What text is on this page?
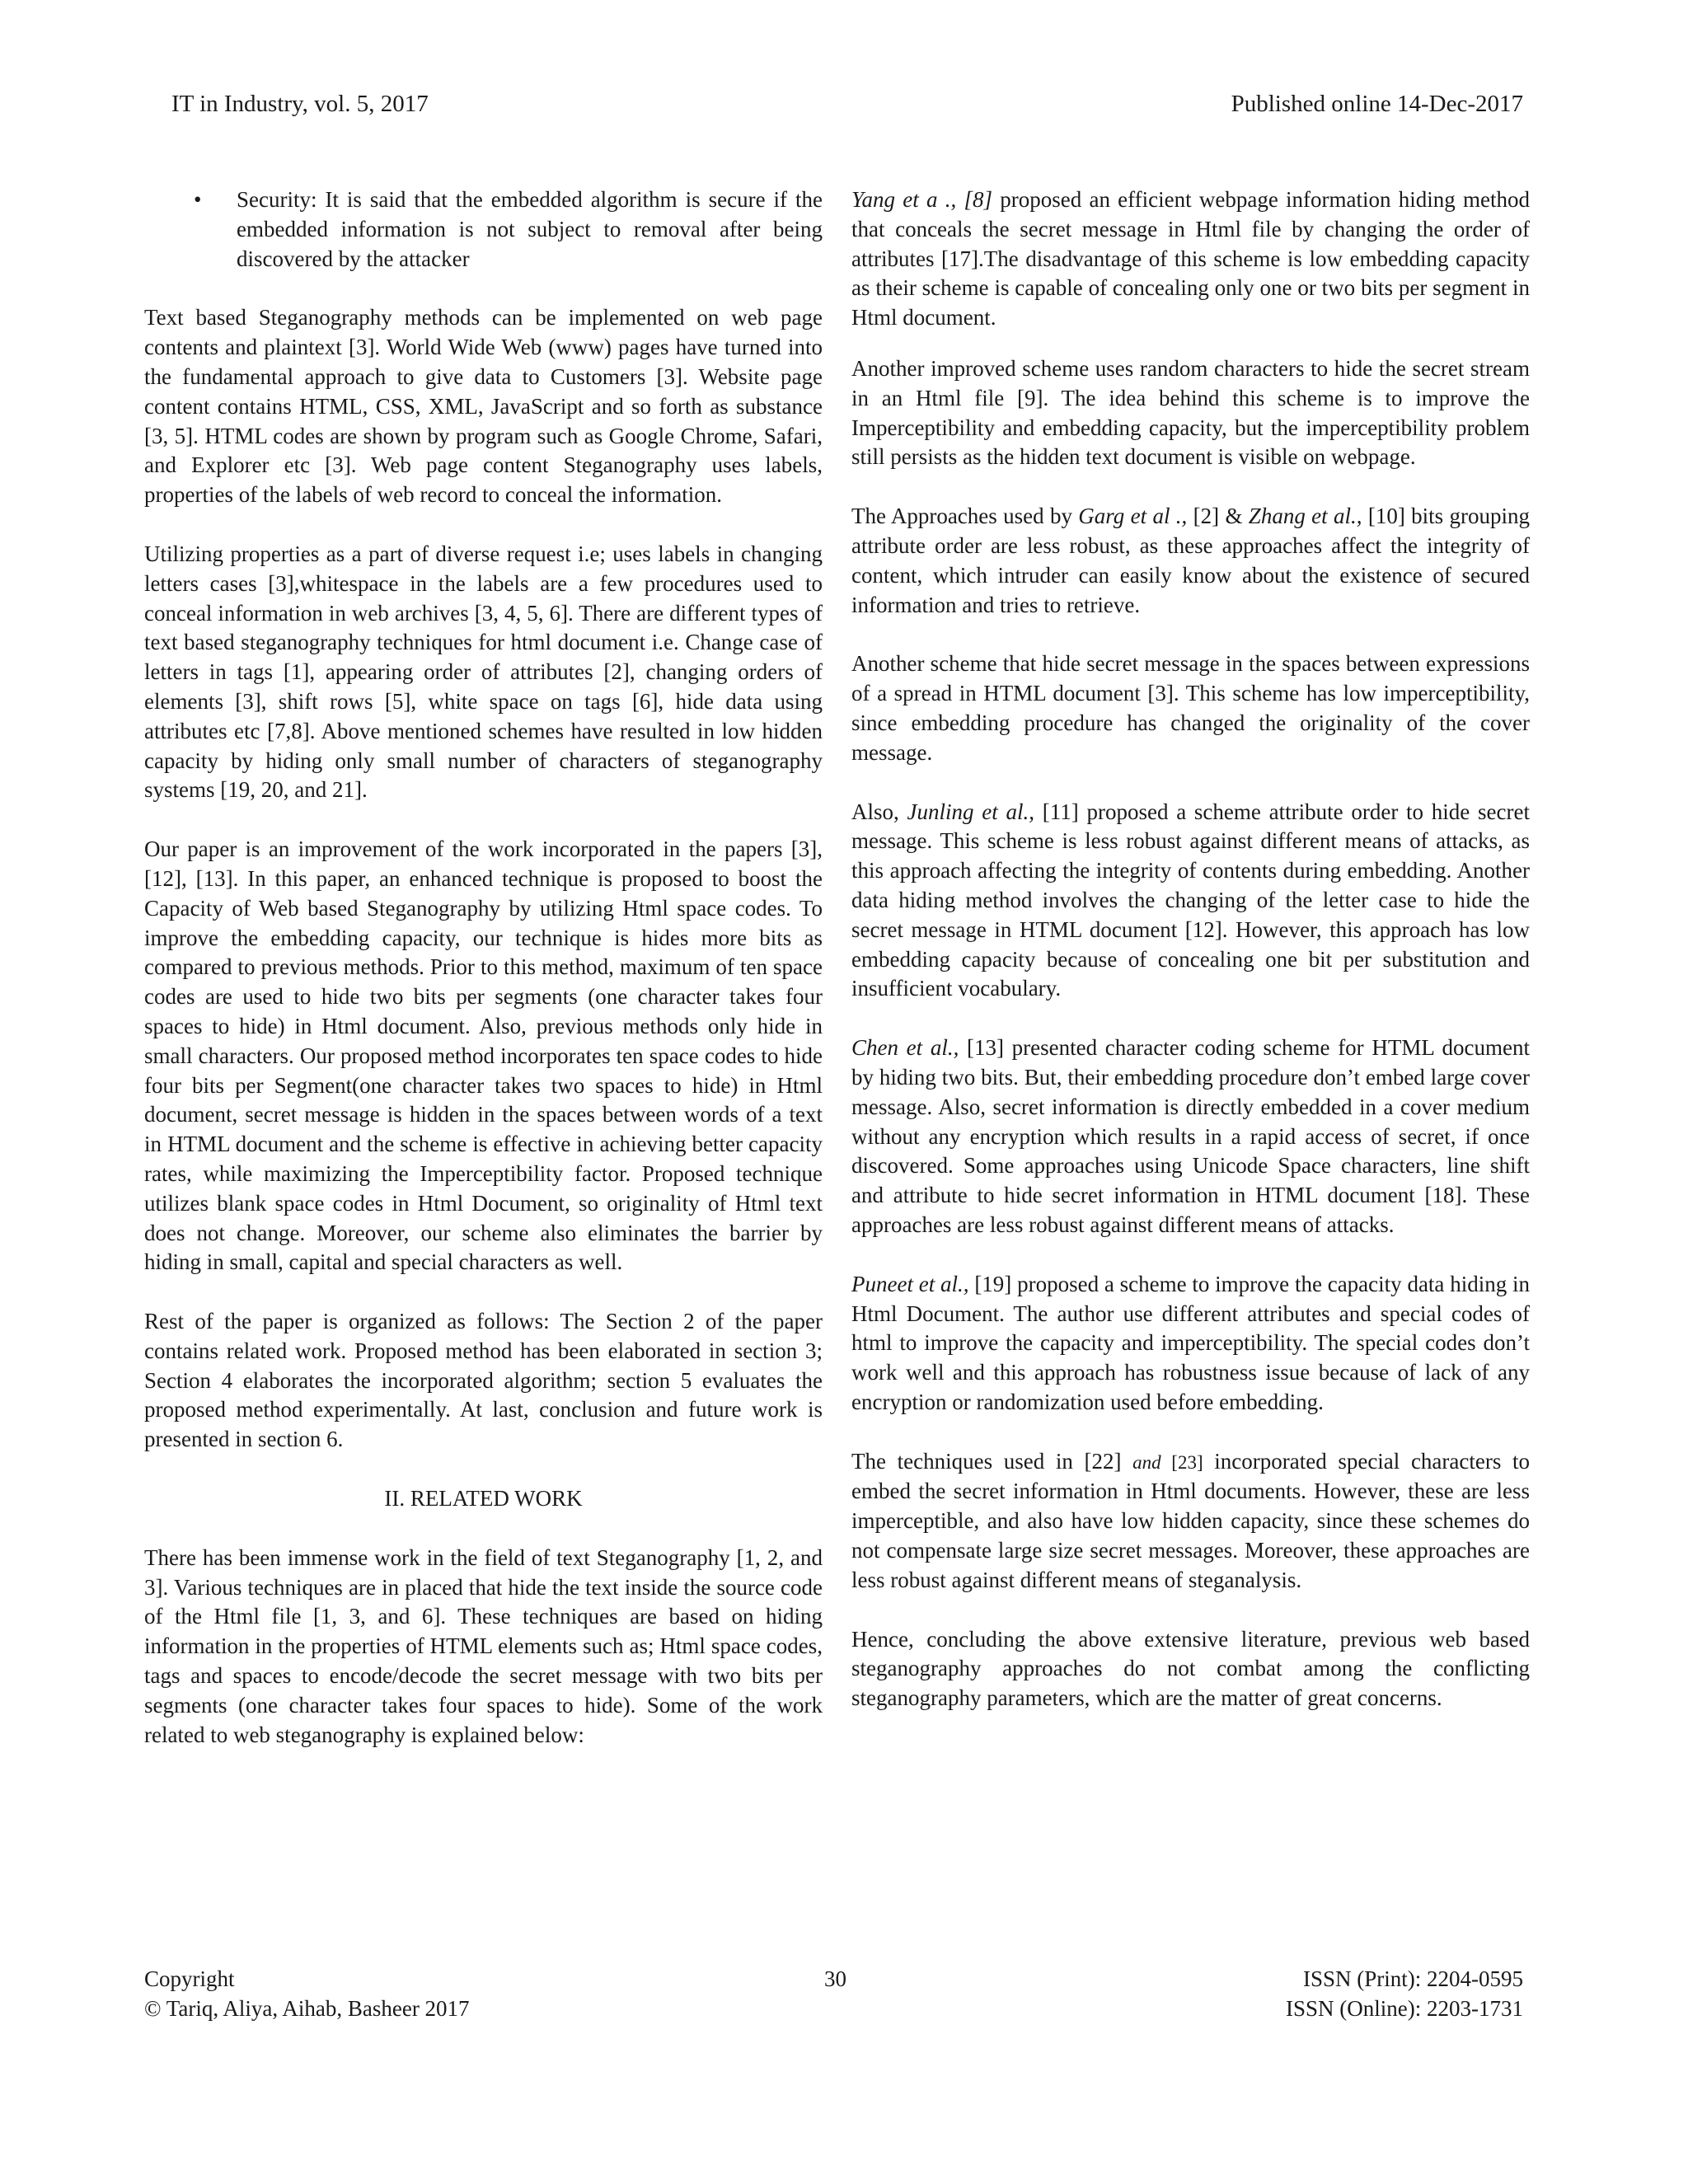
IT in Industry, vol. 5, 2017	Published online 14-Dec-2017
• Security: It is said that the embedded algorithm is secure if the embedded information is not subject to removal after being discovered by the attacker

Text based Steganography methods can be implemented on web page contents and plaintext [3]. World Wide Web (www) pages have turned into the fundamental approach to give data to Customers [3]. Website page content contains HTML, CSS, XML, JavaScript and so forth as substance [3, 5]. HTML codes are shown by program such as Google Chrome, Safari, and Explorer etc [3]. Web page content Steganography uses labels, properties of the labels of web record to conceal the information.

Utilizing properties as a part of diverse request i.e; uses labels in changing letters cases [3],whitespace in the labels are a few procedures used to conceal information in web archives [3, 4, 5, 6]. There are different types of text based steganography techniques for html document i.e. Change case of letters in tags [1], appearing order of attributes [2], changing orders of elements [3], shift rows [5], white space on tags [6], hide data using attributes etc [7,8]. Above mentioned schemes have resulted in low hidden capacity by hiding only small number of characters of steganography systems [19, 20, and 21].

Our paper is an improvement of the work incorporated in the papers [3], [12], [13]. In this paper, an enhanced technique is proposed to boost the Capacity of Web based Steganography by utilizing Html space codes. To improve the embedding capacity, our technique is hides more bits as compared to previous methods. Prior to this method, maximum of ten space codes are used to hide two bits per segments (one character takes four spaces to hide) in Html document. Also, previous methods only hide in small characters. Our proposed method incorporates ten space codes to hide four bits per Segment(one character takes two spaces to hide) in Html document, secret message is hidden in the spaces between words of a text in HTML document and the scheme is effective in achieving better capacity rates, while maximizing the Imperceptibility factor. Proposed technique utilizes blank space codes in Html Document, so originality of Html text does not change. Moreover, our scheme also eliminates the barrier by hiding in small, capital and special characters as well.

Rest of the paper is organized as follows: The Section 2 of the paper contains related work. Proposed method has been elaborated in section 3; Section 4 elaborates the incorporated algorithm; section 5 evaluates the proposed method experimentally. At last, conclusion and future work is presented in section 6.

II. RELATED WORK

There has been immense work in the field of text Steganography [1, 2, and 3]. Various techniques are in placed that hide the text inside the source code of the Html file [1, 3, and 6]. These techniques are based on hiding information in the properties of HTML elements such as; Html space codes, tags and spaces to encode/decode the secret message with two bits per segments (one character takes four spaces to hide). Some of the work related to web steganography is explained below:

Yang et a ., [8] proposed an efficient webpage information hiding method that conceals the secret message in Html file by changing the order of attributes [17].The disadvantage of this scheme is low embedding capacity as their scheme is capable of concealing only one or two bits per segment in Html document.

Another improved scheme uses random characters to hide the secret stream in an Html file [9]. The idea behind this scheme is to improve the Imperceptibility and embedding capacity, but the imperceptibility problem still persists as the hidden text document is visible on webpage.

The Approaches used by Garg et al ., [2] & Zhang et al., [10] bits grouping attribute order are less robust, as these approaches affect the integrity of content, which intruder can easily know about the existence of secured information and tries to retrieve.

Another scheme that hide secret message in the spaces between expressions of a spread in HTML document [3]. This scheme has low imperceptibility, since embedding procedure has changed the originality of the cover message.

Also, Junling et al., [11] proposed a scheme attribute order to hide secret message. This scheme is less robust against different means of attacks, as this approach affecting the integrity of contents during embedding. Another data hiding method involves the changing of the letter case to hide the secret message in HTML document [12]. However, this approach has low embedding capacity because of concealing one bit per substitution and insufficient vocabulary.

Chen et al., [13] presented character coding scheme for HTML document by hiding two bits. But, their embedding procedure don’t embed large cover message. Also, secret information is directly embedded in a cover medium without any encryption which results in a rapid access of secret, if once discovered. Some approaches using Unicode Space characters, line shift and attribute to hide secret information in HTML document [18]. These approaches are less robust against different means of attacks.

Puneet et al., [19] proposed a scheme to improve the capacity data hiding in Html Document. The author use different attributes and special codes of html to improve the capacity and imperceptibility. The special codes don’t work well and this approach has robustness issue because of lack of any encryption or randomization used before embedding.

The techniques used in [22] and [23] incorporated special characters to embed the secret information in Html documents. However, these are less imperceptible, and also have low hidden capacity, since these schemes do not compensate large size secret messages. Moreover, these approaches are less robust against different means of steganalysis.

Hence, concluding the above extensive literature, previous web based steganography approaches do not combat among the conflicting steganography parameters, which are the matter of great concerns.

Copyright
© Tariq, Aliya, Aihab, Basheer 2017
30	ISSN (Print): 2204-0595
ISSN (Online): 2203-1731
